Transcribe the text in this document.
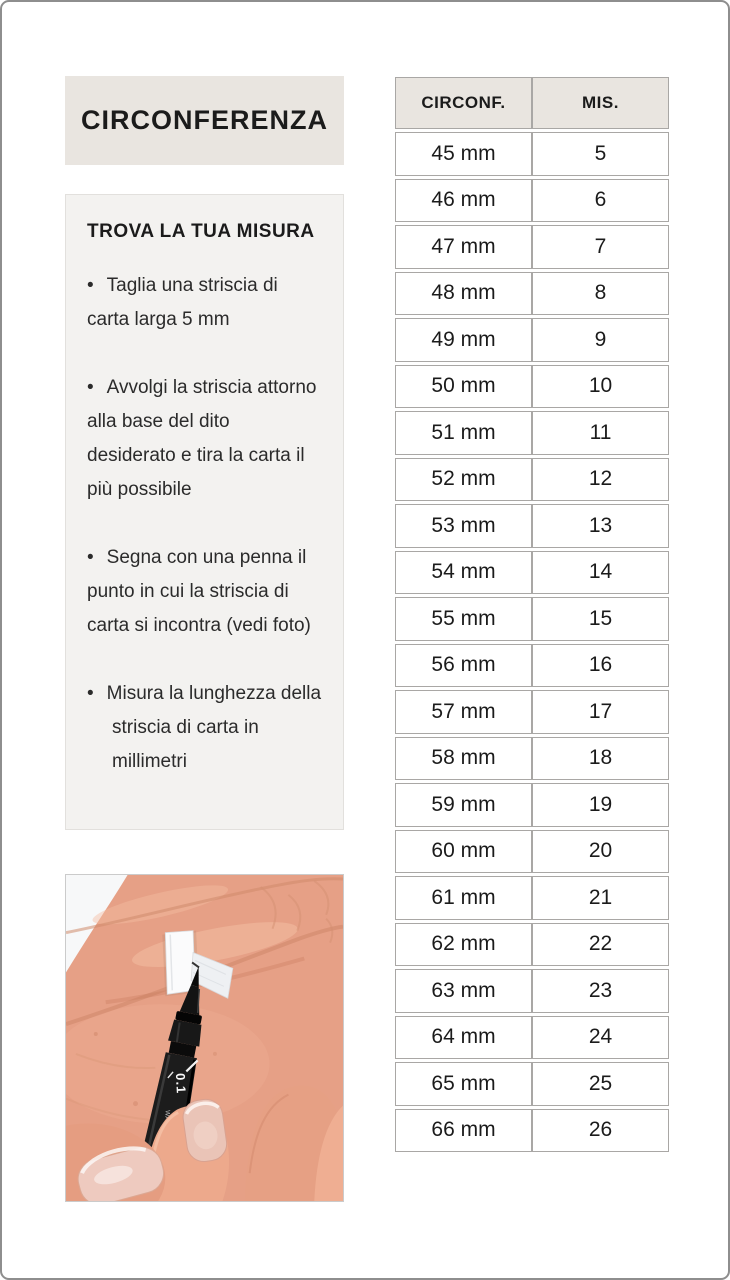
CIRCONFERENZA
TROVA LA TUA MISURA

• Taglia una striscia di carta larga 5 mm

• Avvolgi la striscia attorno alla base del dito desiderato e tira la carta il più possibile

• Segna con una penna il punto in cui la striscia di carta si incontra (vedi foto)

• Misura la lunghezza della striscia di carta in millimetri

0.1
CIRCONF.	MIS.
45 mm	5
46 mm	6
47 mm	7
48 mm	8
49 mm	9
50 mm	10
51 mm	11
52 mm	12
53 mm	13
54 mm	14
55 mm	15
56 mm	16
57 mm	17
58 mm	18
59 mm	19
60 mm	20
61 mm	21
62 mm	22
63 mm	23
64 mm	24
65 mm	25
66 mm	26
